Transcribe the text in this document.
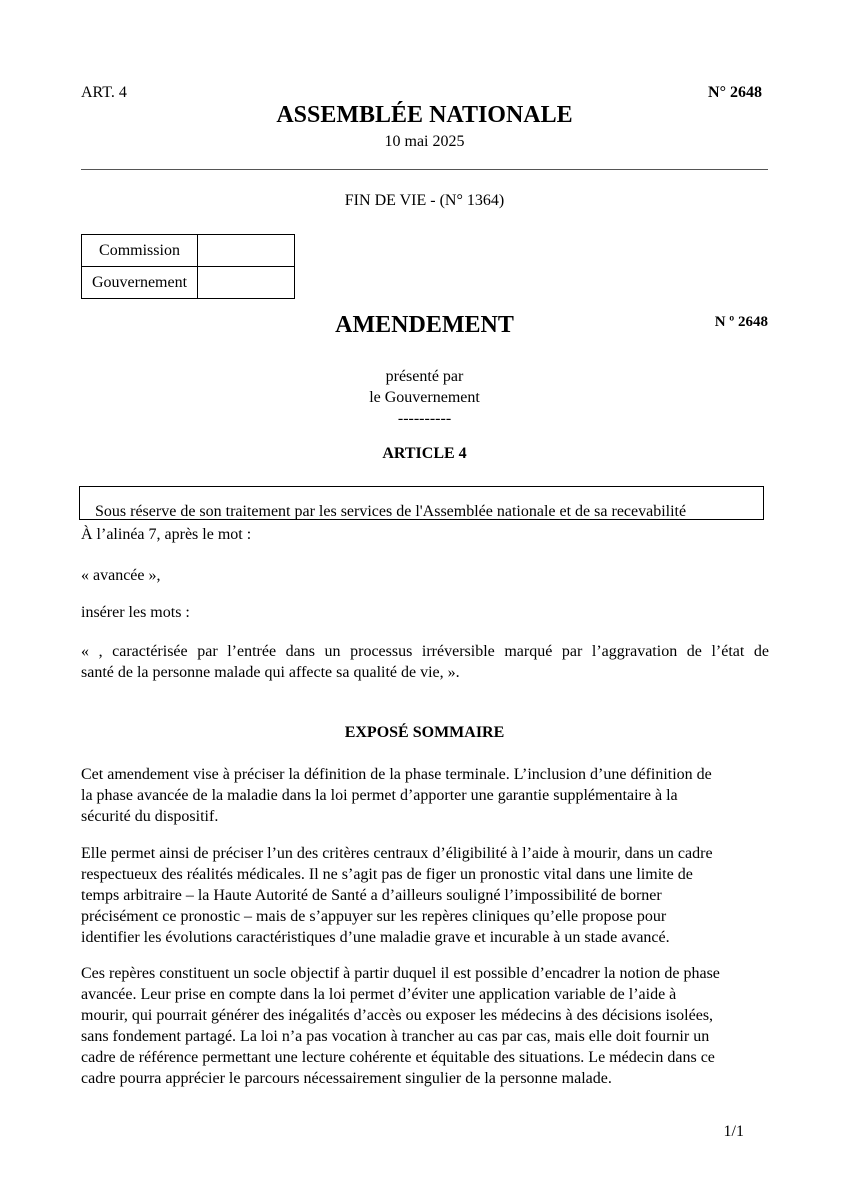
ART. 4	N° 2648
ASSEMBLÉE NATIONALE
10 mai 2025
FIN DE VIE - (N° 1364)
Commission	
Gouvernement	
AMENDEMENT	N º 2648
présenté par
le Gouvernement
----------
ARTICLE 4
Sous réserve de son traitement par les services de l'Assemblée nationale et de sa recevabilité
À l’alinéa 7, après le mot :
« avancée »,
insérer les mots :
« , caractérisée par l’entrée dans un processus irréversible marqué par l’aggravation de l’état de
santé de la personne malade qui affecte sa qualité de vie, ».
EXPOSÉ SOMMAIRE
Cet amendement vise à préciser la définition de la phase terminale. L’inclusion d’une définition de
la phase avancée de la maladie dans la loi permet d’apporter une garantie supplémentaire à la
sécurité du dispositif.
Elle permet ainsi de préciser l’un des critères centraux d’éligibilité à l’aide à mourir, dans un cadre
respectueux des réalités médicales. Il ne s’agit pas de figer un pronostic vital dans une limite de
temps arbitraire – la Haute Autorité de Santé a d’ailleurs souligné l’impossibilité de borner
précisément ce pronostic – mais de s’appuyer sur les repères cliniques qu’elle propose pour
identifier les évolutions caractéristiques d’une maladie grave et incurable à un stade avancé.
Ces repères constituent un socle objectif à partir duquel il est possible d’encadrer la notion de phase
avancée. Leur prise en compte dans la loi permet d’éviter une application variable de l’aide à
mourir, qui pourrait générer des inégalités d’accès ou exposer les médecins à des décisions isolées,
sans fondement partagé. La loi n’a pas vocation à trancher au cas par cas, mais elle doit fournir un
cadre de référence permettant une lecture cohérente et équitable des situations. Le médecin dans ce
cadre pourra apprécier le parcours nécessairement singulier de la personne malade.
1/1
